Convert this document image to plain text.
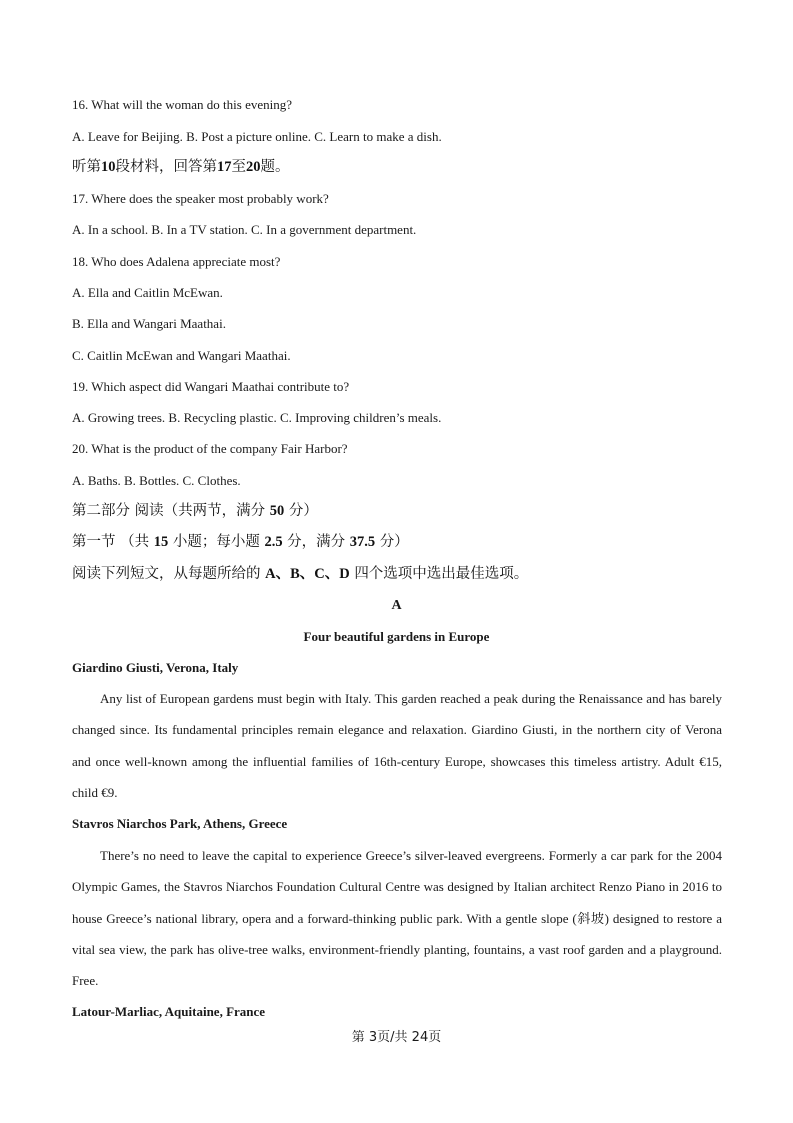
16. What will the woman do this evening?
A. Leave for Beijing. B. Post a picture online. C. Learn to make a dish.
听第10段材料，回答第17至20题。
17. Where does the speaker most probably work?
A. In a school. B. In a TV station. C. In a government department.
18. Who does Adalena appreciate most?
A. Ella and Caitlin McEwan.
B. Ella and Wangari Maathai.
C. Caitlin McEwan and Wangari Maathai.
19. Which aspect did Wangari Maathai contribute to?
A. Growing trees. B. Recycling plastic. C. Improving children’s meals.
20. What is the product of the company Fair Harbor?
A. Baths. B. Bottles. C. Clothes.
第二部分 阅读（共两节，满分 50 分）
第一节 （共 15 小题；每小题 2.5 分，满分 37.5 分）
阅读下列短文，从每题所给的 A、B、C、D 四个选项中选出最佳选项。
A
Four beautiful gardens in Europe
Giardino Giusti, Verona, Italy
Any list of European gardens must begin with Italy. This garden reached a peak during the Renaissance and has barely changed since. Its fundamental principles remain elegance and relaxation. Giardino Giusti, in the northern city of Verona and once well-known among the influential families of 16th-century Europe, showcases this timeless artistry. Adult €15, child €9.
Stavros Niarchos Park, Athens, Greece
There’s no need to leave the capital to experience Greece’s silver-leaved evergreens. Formerly a car park for the 2004 Olympic Games, the Stavros Niarchos Foundation Cultural Centre was designed by Italian architect Renzo Piano in 2016 to house Greece’s national library, opera and a forward-thinking public park. With a gentle slope (斜坡) designed to restore a vital sea view, the park has olive-tree walks, environment-friendly planting, fountains, a vast roof garden and a playground. Free.
Latour-Marliac, Aquitaine, France
第 3页/共 24页
